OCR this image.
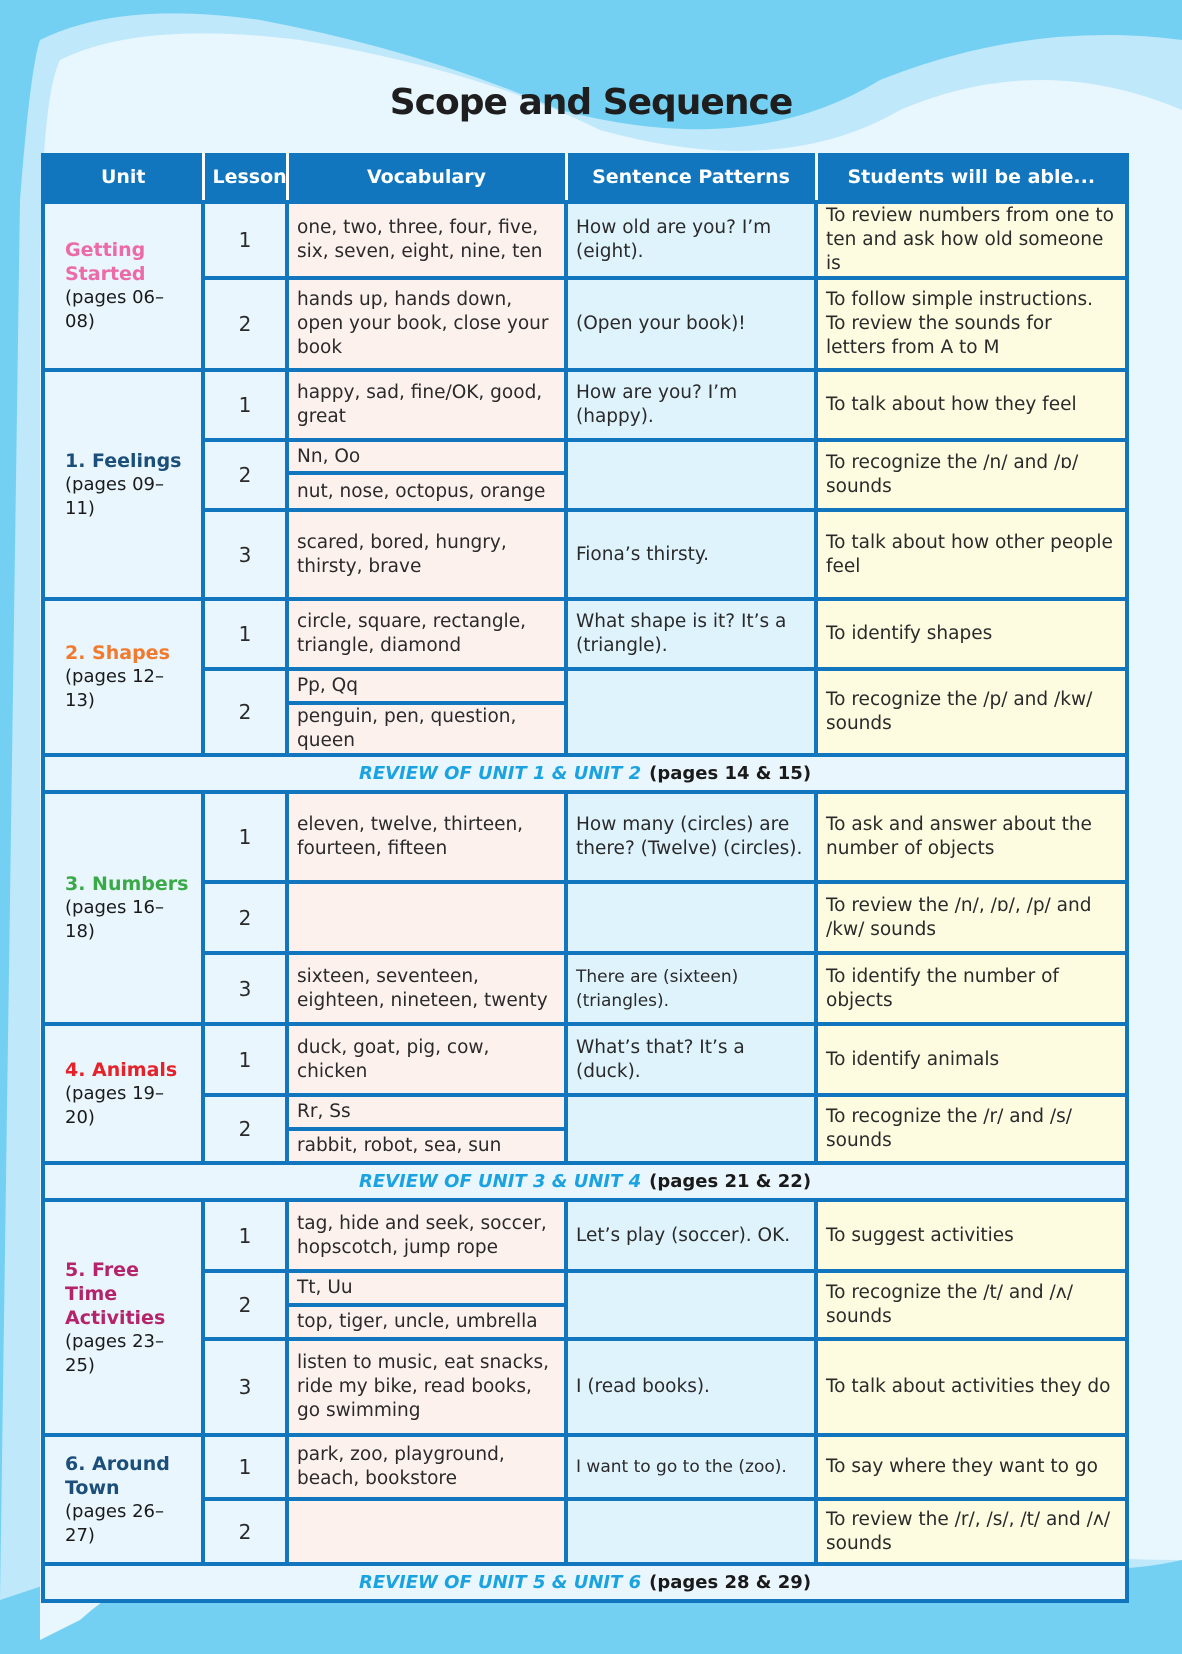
Scope and Sequence
Unit	Lesson	Vocabulary	Sentence Patterns	Students will be able...

Getting Started
(pages 06–08)	1	one, two, three, four, five, six, seven, eight, nine, ten	How old are you? I’m (eight).	To review numbers from one to ten and ask how old someone is
	2	hands up, hands down, open your book, close your book	(Open your book)!	To follow simple instructions. To review the sounds for letters from A to M

1. Feelings
(pages 09–11)	1	happy, sad, fine/OK, good, great	How are you? I’m (happy).	To talk about how they feel
	2	Nn, Oo		To recognize the /n/ and /ɒ/ sounds
		nut, nose, octopus, orange		
	3	scared, bored, hungry, thirsty, brave	Fiona’s thirsty.	To talk about how other people feel

2. Shapes
(pages 12–13)	1	circle, square, rectangle, triangle, diamond	What shape is it? It’s a (triangle).	To identify shapes
	2	Pp, Qq		To recognize the /p/ and /kw/ sounds
		penguin, pen, question, queen		
REVIEW OF UNIT 1 & UNIT 2 (pages 14 & 15)				

3. Numbers
(pages 16–18)	1	eleven, twelve, thirteen, fourteen, fifteen	How many (circles) are there? (Twelve) (circles).	To ask and answer about the number of objects
	2			To review the /n/, /ɒ/, /p/ and /kw/ sounds
	3	sixteen, seventeen, eighteen, nineteen, twenty	There are (sixteen) (triangles).	To identify the number of objects

4. Animals
(pages 19–20)	1	duck, goat, pig, cow, chicken	What’s that? It’s a (duck).	To identify animals
	2	Rr, Ss		To recognize the /r/ and /s/ sounds
		rabbit, robot, sea, sun		
REVIEW OF UNIT 3 & UNIT 4 (pages 21 & 22)				

5. Free Time Activities
(pages 23–25)	1	tag, hide and seek, soccer, hopscotch, jump rope	Let’s play (soccer). OK.	To suggest activities
	2	Tt, Uu		To recognize the /t/ and /ʌ/ sounds
		top, tiger, uncle, umbrella		
	3	listen to music, eat snacks, ride my bike, read books, go swimming	I (read books).	To talk about activities they do

6. Around Town
(pages 26–27)	1	park, zoo, playground, beach, bookstore	I want to go to the (zoo).	To say where they want to go
	2			To review the /r/, /s/, /t/ and /ʌ/ sounds
REVIEW OF UNIT 5 & UNIT 6 (pages 28 & 29)				
